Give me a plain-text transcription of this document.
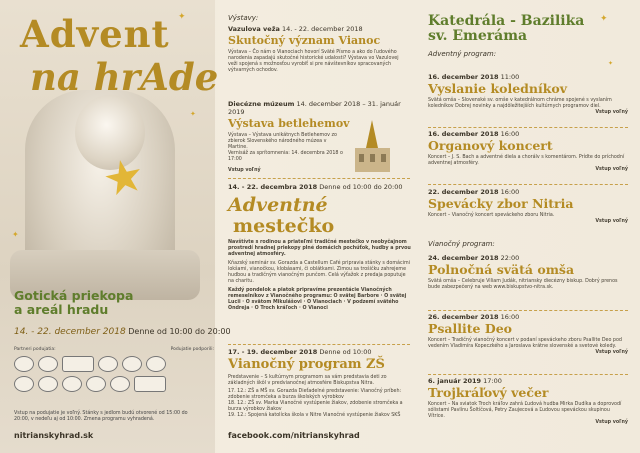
★
✦
✦
✦
Advent
na hrAde
Gotická priekopa
a areál hradu
14. - 22. december 2018 Denne od 10:00 do 20:00
Partneri podujatia:	Podujatie podporili:
Vstup na podujatie je voľný. Stánky s jedlom budú otvorené od 15:00 do 20:00, v nedeľu aj od 10:00. Zmena programu vyhradená.
nitrianskyhrad.sk	facebook.com/nitrianskyhrad
Výstavy:
Vazulova veža 14. - 22. december 2018
Skutočný význam Vianoc
Výstava – Čo nám o Vianociach hovorí Sväté Písmo a ako do ľudového narodenia zapadajú skutočné historické udalosti? Výstava vo Vazulovej veži spojená s možnosťou vyrobiť si pre návštevníkov spracovaných výtvarných ochodov.
Diecézne múzeum 14. december 2018 – 31. január 2019
Výstava betlehemov
Výstava – Výstava unikátnych Betlehemov zo zbierok Slovenského národného múzea v Martine.
Vernisáž za sprítomnenia: 14. decembra 2018 o 17:00
Vstup voľný
14. - 22. decembra 2018 Denne od 10:00 do 20:00
Adventné
mestečko
Navštívte s rodinou a priateľmi tradičné mestečko v neobyčajnom prostredí hradnej priekopy plné domácich pochúťok, hudby a prvou adventnej atmosféry.
Kňazský seminár sv. Gorazda a Castellum Café pripravia stánky s domácimi lokšami, vianočkou, klobásami, či oblátkami. Zimou sa trošičku zahrejeme hudbou a tradičným vianočným punčom. Celá výťažok z predaja poputuje na charitu.
Každý pondelok a piatok pripravíme prezentácie Vianočných remeselníkov z Vianočného programu: O svätej Barbore · O svätej Lucii · O svätom Mikulášovi · O Vianociach · V podzemí svätého Ondreja · O Troch kráľoch · O Vianoci
17. - 19. december 2018 Denne od 10:00
Vianočný program ZŠ
Predstavenie – S kultúrnym programom sa vám predstavia deti zo základných škôl v predvianočnej atmosfére Biskupstva Nitra.
17. 12.: ZŠ a MŠ sv. Gorazda Dieťadelné predstavenie: Vianočný príbeh: zdobenie stromčeka a burza školských výrobkov
18. 12.: ZŠ sv. Marka Vianočné vystúpenie žiakov, zdobenie stromčeka a burza výrobkov žiakov
19. 12.: Spojená katolícka škola v Nitre Vianočné vystúpenie žiakov SKŠ
Katedrála - Bazilika
sv. Emeráma
Adventný program:
✦
✦
16. december 2018 11:00
Vyslanie koledníkov
Svätá omša – Slovenské sv. omše v katedrálnom chráme spojené s vyslaním koledníkov Dobrej novinky a najdôležitejších kultúrnych programov diel.
Vstup voľný
16. december 2018 16:00
Organový koncert
Koncert – J. S. Bach a adventné diela a chorálv s komentárom. Prídte do príchodní adventnej atmosféry.
Vstup voľný
22. december 2018 16:00
Spevácky zbor Nitria
Koncert – Vianočný koncert speváckeho zboru Nitria.
Vstup voľný
Vianočný program:
24. december 2018 22:00
Polnočná svätá omša
Svätá omša – Celebruje Viliam Judák, nitriansky diecézny biskup. Dobrý prenos bude zabezpečený na web www.biskupstvo-nitra.sk.
26. december 2018 16:00
Psallite Deo
Koncert – Tradičný vianočný koncert v podaní speváckeho zboru Psallite Deo pod vedením Vladimíra Kopeczkého a Jaroslava krátne slovenské a svetové koledy.
Vstup voľný
6. január 2019 17:00
Trojkráľový večer
Koncert – Na sviatok Troch kráľov zahrá Ľudová hudba Mirka Dudíka a doprovodí sólistami Pavlínu Šoltíčová, Petry Zaujecová a Ľudovou speváckou skupinou Vítrice.
Vstup voľný
